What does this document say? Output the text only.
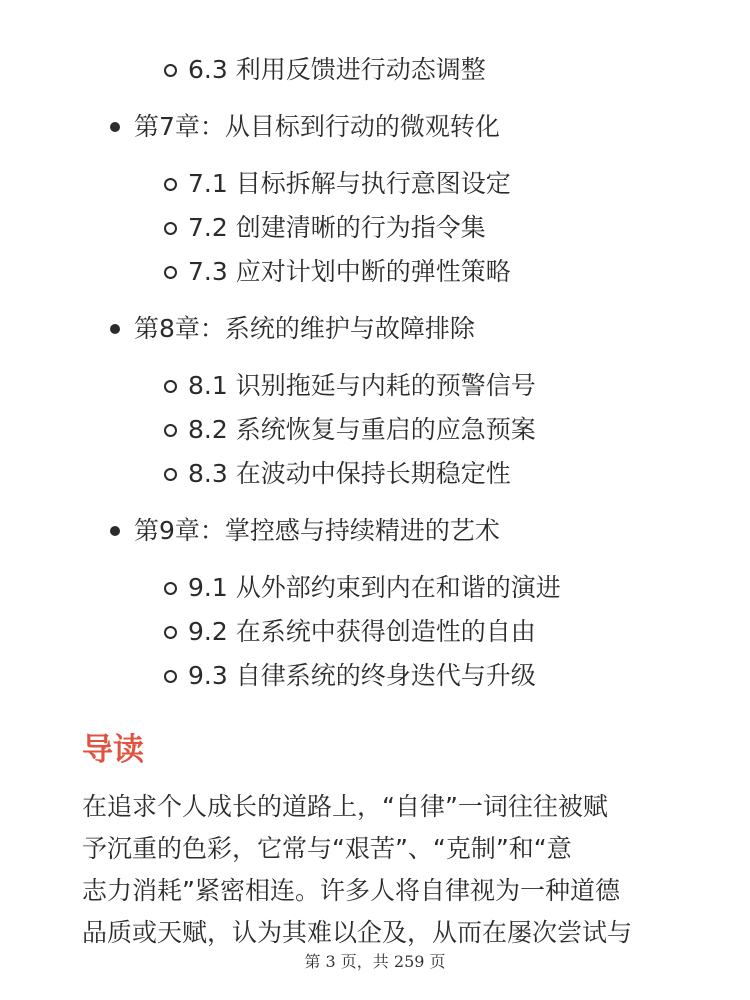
6.3 利用反馈进行动态调整
第7章：从目标到行动的微观转化
7.1 目标拆解与执行意图设定
7.2 创建清晰的行为指令集
7.3 应对计划中断的弹性策略
第8章：系统的维护与故障排除
8.1 识别拖延与内耗的预警信号
8.2 系统恢复与重启的应急预案
8.3 在波动中保持长期稳定性
第9章：掌控感与持续精进的艺术
9.1 从外部约束到内在和谐的演进
9.2 在系统中获得创造性的自由
9.3 自律系统的终身迭代与升级
导读
在追求个人成长的道路上，“自律”一词往往被赋
予沉重的色彩，它常与“艰苦”、“克制”和“意
志力消耗”紧密相连。许多人将自律视为一种道德
品质或天赋，认为其难以企及，从而在屡次尝试与
第 3 页，共 259 页
